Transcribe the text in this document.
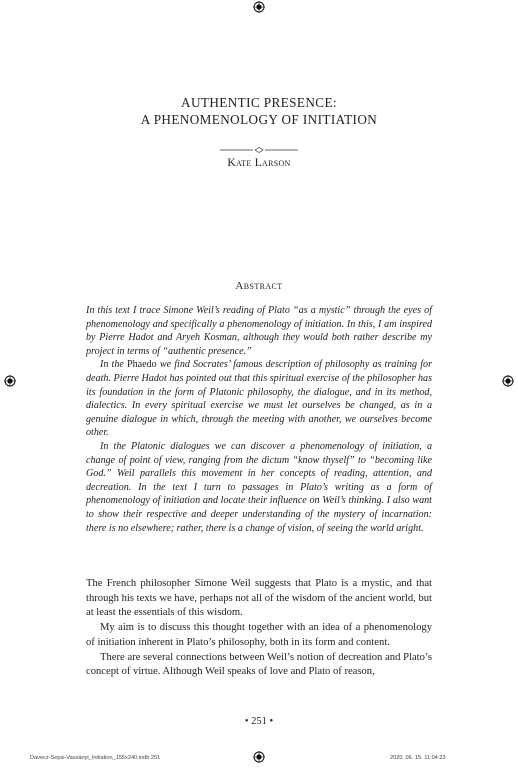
AUTHENTIC PRESENCE:
A PHENOMENOLOGY OF INITIATION
Kate Larson
Abstract

In this text I trace Simone Weil’s reading of Plato “as a mystic” through the eyes of phenomenology and specifically a phenomenology of initiation. In this, I am inspired by Pierre Hadot and Aryeh Kosman, although they would both rather describe my project in terms of “authentic presence.”

In the Phaedo we find Socrates’ famous description of philosophy as training for death. Pierre Hadot has pointed out that this spiritual exercise of the philosopher has its foundation in the form of Platonic philosophy, the dialogue, and in its method, dialectics. In every spiritual exercise we must let ourselves be changed, as in a genuine dialogue in which, through the meeting with another, we ourselves become other.

In the Platonic dialogues we can discover a phenomenology of initiation, a change of point of view, ranging from the dictum “know thyself” to “becoming like God.” Weil parallels this movement in her concepts of reading, attention, and decreation. In the text I turn to passages in Plato’s writing as a form of phenomenology of initiation and locate their influence on Weil’s thinking. I also want to show their respective and deeper understanding of the mystery of incarnation: there is no elsewhere; rather, there is a change of vision, of seeing the world aright.

The French philosopher Simone Weil suggests that Plato is a mystic, and that through his texts we have, perhaps not all of the wisdom of the ancient world, but at least the essentials of this wisdom.

My aim is to discuss this thought together with an idea of a phenomenology of initiation inherent in Plato’s philosophy, both in its form and content.

There are several connections between Weil’s notion of decreation and Plato’s concept of virtue. Although Weil speaks of love and Plato of reason,

• 251 •
Davecz-Sepsi-Vassányi_Initiation_155x240.indb 251	2020. 06. 15. 11:04:23
